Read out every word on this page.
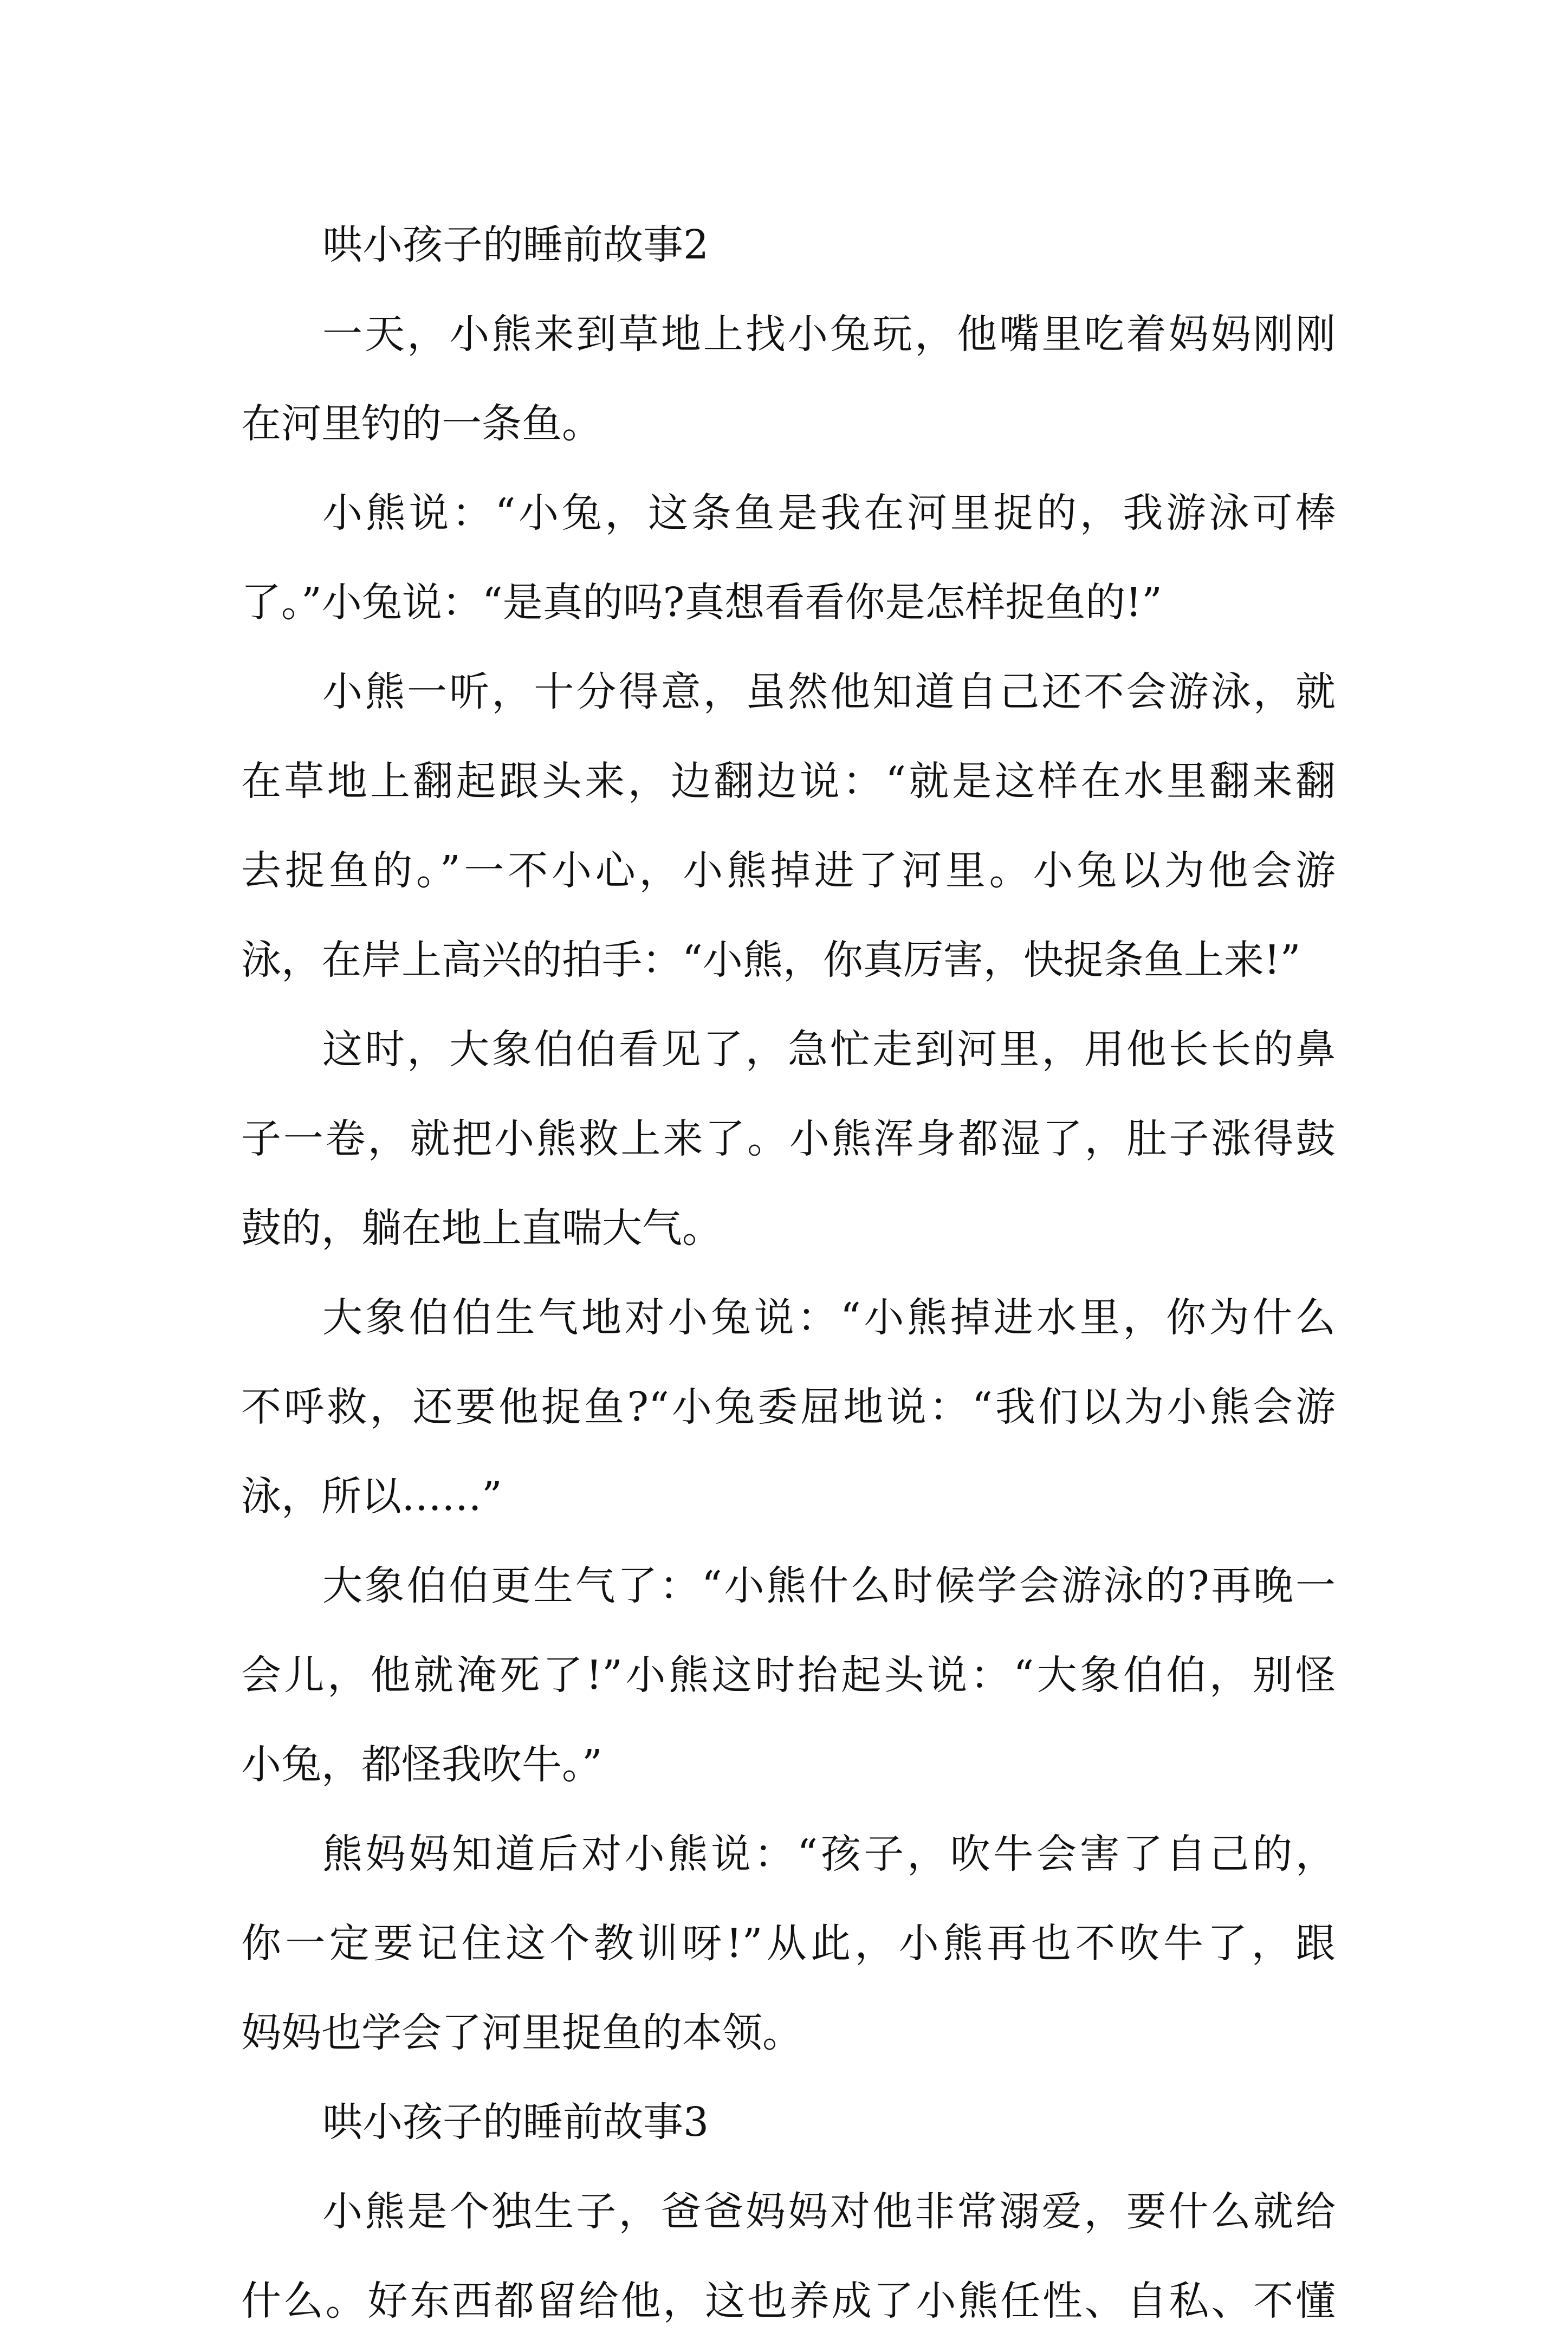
哄小孩子的睡前故事2
一天，小熊来到草地上找小兔玩，他嘴里吃着妈妈刚刚
在河里钓的一条鱼。
小熊说：“小兔，这条鱼是我在河里捉的，我游泳可棒
了。”小兔说：“是真的吗?真想看看你是怎样捉鱼的!”
小熊一听，十分得意，虽然他知道自己还不会游泳，就
在草地上翻起跟头来，边翻边说：“就是这样在水里翻来翻
去捉鱼的。”一不小心，小熊掉进了河里。小兔以为他会游
泳，在岸上高兴的拍手：“小熊，你真厉害，快捉条鱼上来!”
这时，大象伯伯看见了，急忙走到河里，用他长长的鼻
子一卷，就把小熊救上来了。小熊浑身都湿了，肚子涨得鼓
鼓的，躺在地上直喘大气。
大象伯伯生气地对小兔说：“小熊掉进水里，你为什么
不呼救，还要他捉鱼?“小兔委屈地说：“我们以为小熊会游
泳，所以……”
大象伯伯更生气了：“小熊什么时候学会游泳的?再晚一
会儿，他就淹死了!”小熊这时抬起头说：“大象伯伯，别怪
小兔，都怪我吹牛。”
熊妈妈知道后对小熊说：“孩子，吹牛会害了自己的，
你一定要记住这个教训呀!”从此，小熊再也不吹牛了，跟
妈妈也学会了河里捉鱼的本领。
哄小孩子的睡前故事3
小熊是个独生子，爸爸妈妈对他非常溺爱，要什么就给
什么。好东西都留给他，这也养成了小熊任性、自私、不懂
